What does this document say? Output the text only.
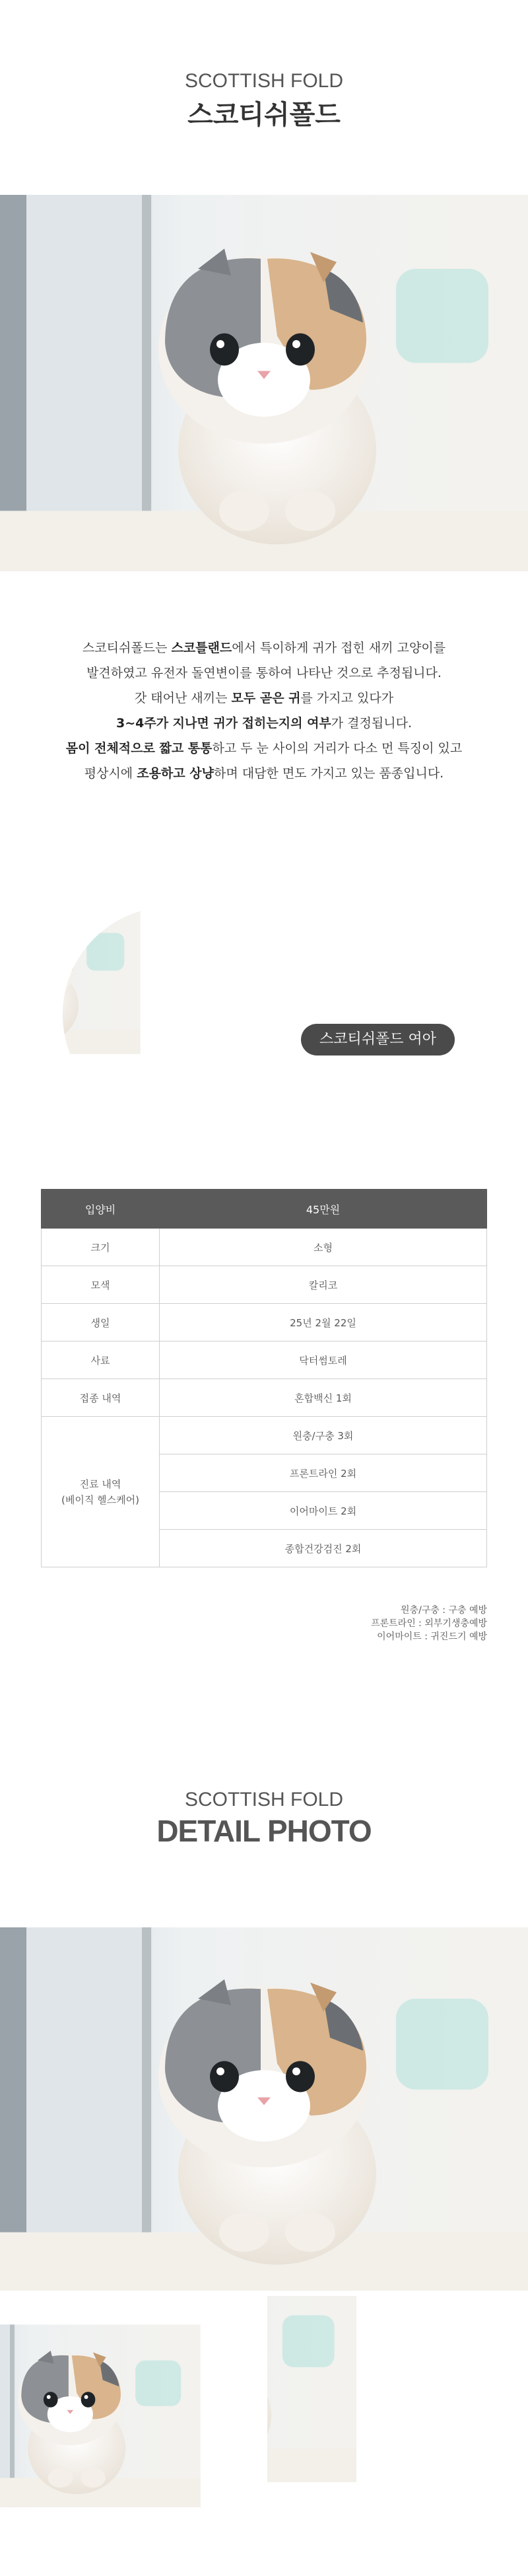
SCOTTISH FOLD
스코티쉬폴드

스코티쉬폴드는 스코틀랜드에서 특이하게 귀가 접힌 새끼 고양이를

발견하였고 유전자 돌연변이를 통하여 나타난 것으로 추정됩니다.

갓 태어난 새끼는 모두 곧은 귀를 가지고 있다가

3~4주가 지나면 귀가 접히는지의 여부가 결정됩니다.

몸이 전체적으로 짧고 통통하고 두 눈 사이의 거리가 다소 먼 특징이 있고

평상시에 조용하고 상냥하며 대담한 면도 가지고 있는 품종입니다.

스코티쉬폴드 여아
입양비	45만원
크기	소형
모색	칼리코
생일	25년 2월 22일
사료	닥터썸토레
접종 내역	혼합백신 1회
진료 내역
(베이직 헬스케어)	원충/구충 3회
	프론트라인 2회
	이어마이트 2회
	종합건강검진 2회
원충/구충 : 구충 예방
프론트라인 : 외부기생충예방
이어마이트 : 귀진드기 예방
SCOTTISH FOLD
DETAIL PHOTO
